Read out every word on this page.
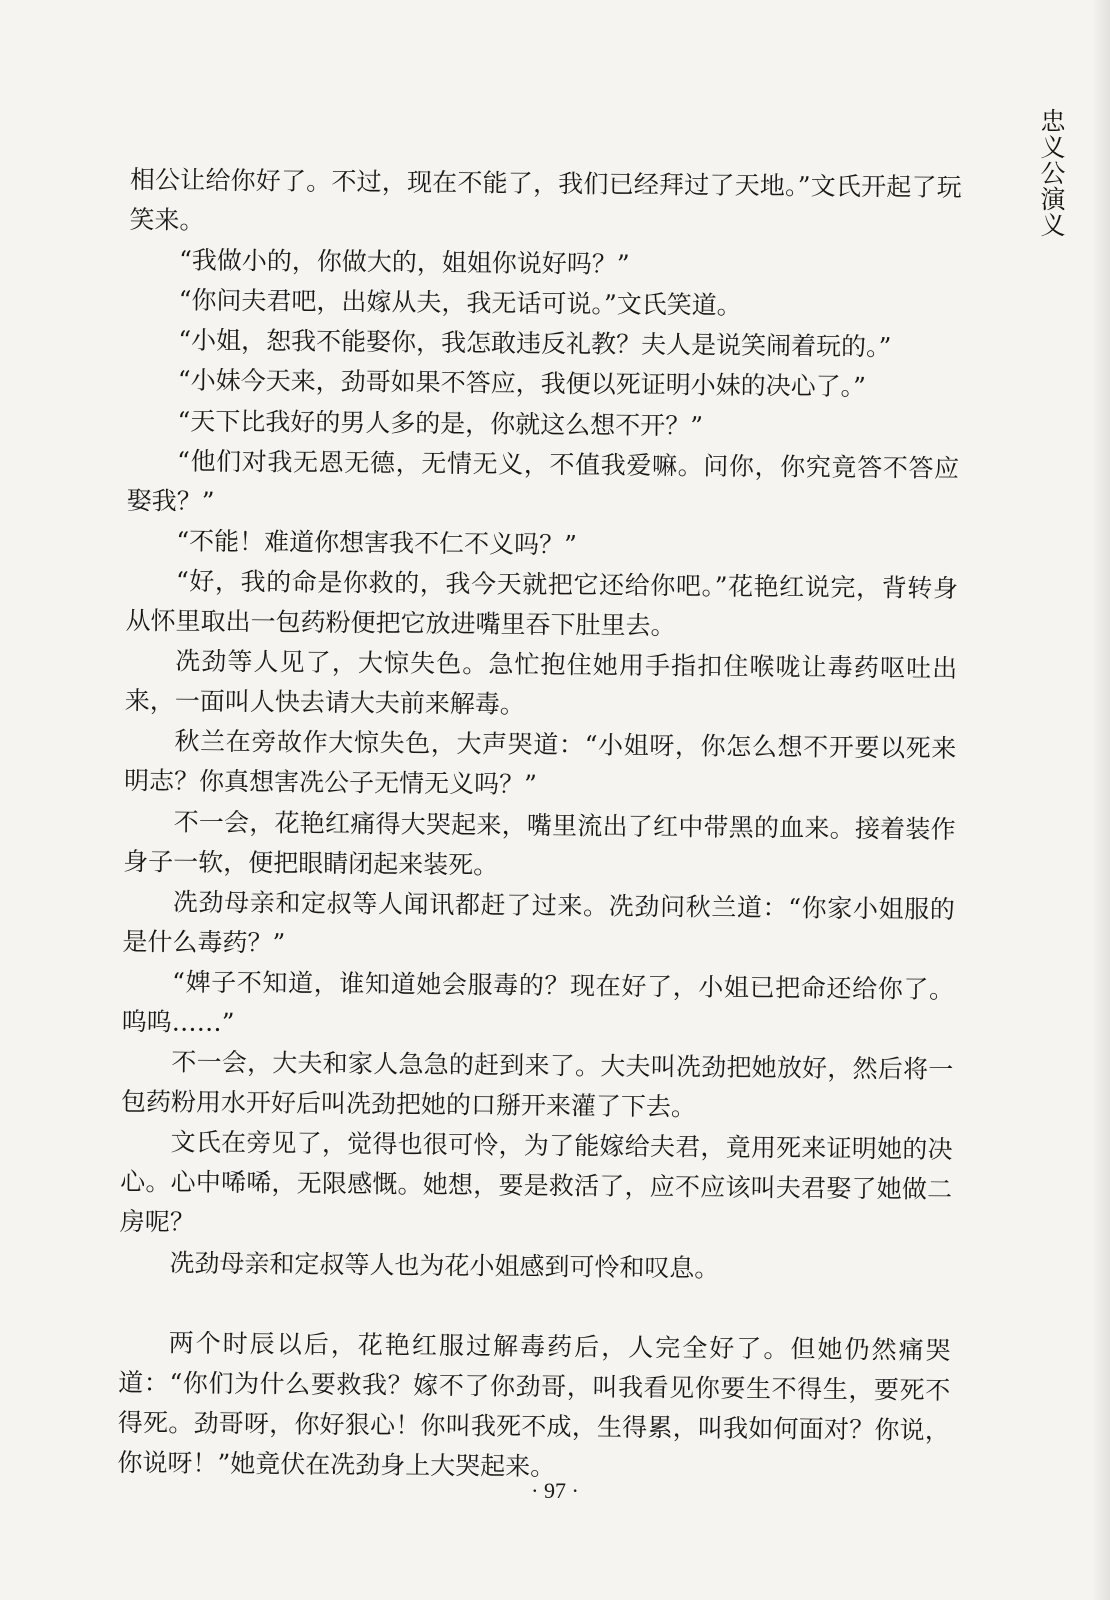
忠义公演义

相公让给你好了。不过，现在不能了，我们已经拜过了天地。”文氏开起了玩笑来。

“我做小的，你做大的，姐姐你说好吗？”

“你问夫君吧，出嫁从夫，我无话可说。”文氏笑道。

“小姐，恕我不能娶你，我怎敢违反礼教？夫人是说笑闹着玩的。”

“小妹今天来，劲哥如果不答应，我便以死证明小妹的决心了。”

“天下比我好的男人多的是，你就这么想不开？”

“他们对我无恩无德，无情无义，不值我爱嘛。问你，你究竟答不答应娶我？”

“不能！难道你想害我不仁不义吗？”

“好，我的命是你救的，我今天就把它还给你吧。”花艳红说完，背转身从怀里取出一包药粉便把它放进嘴里吞下肚里去。

冼劲等人见了，大惊失色。急忙抱住她用手指扣住喉咙让毒药呕吐出来，一面叫人快去请大夫前来解毒。

秋兰在旁故作大惊失色，大声哭道：“小姐呀，你怎么想不开要以死来明志？你真想害冼公子无情无义吗？”

不一会，花艳红痛得大哭起来，嘴里流出了红中带黑的血来。接着装作身子一软，便把眼睛闭起来装死。

冼劲母亲和定叔等人闻讯都赶了过来。冼劲问秋兰道：“你家小姐服的是什么毒药？”

“婢子不知道，谁知道她会服毒的？现在好了，小姐已把命还给你了。呜呜……”

不一会，大夫和家人急急的赶到来了。大夫叫冼劲把她放好，然后将一包药粉用水开好后叫冼劲把她的口掰开来灌了下去。

文氏在旁见了，觉得也很可怜，为了能嫁给夫君，竟用死来证明她的决心。心中唏唏，无限感慨。她想，要是救活了，应不应该叫夫君娶了她做二房呢？

冼劲母亲和定叔等人也为花小姐感到可怜和叹息。

两个时辰以后，花艳红服过解毒药后，人完全好了。但她仍然痛哭道：“你们为什么要救我？嫁不了你劲哥，叫我看见你要生不得生，要死不得死。劲哥呀，你好狠心！你叫我死不成，生得累，叫我如何面对？你说，你说呀！”她竟伏在冼劲身上大哭起来。

· 97 ·
